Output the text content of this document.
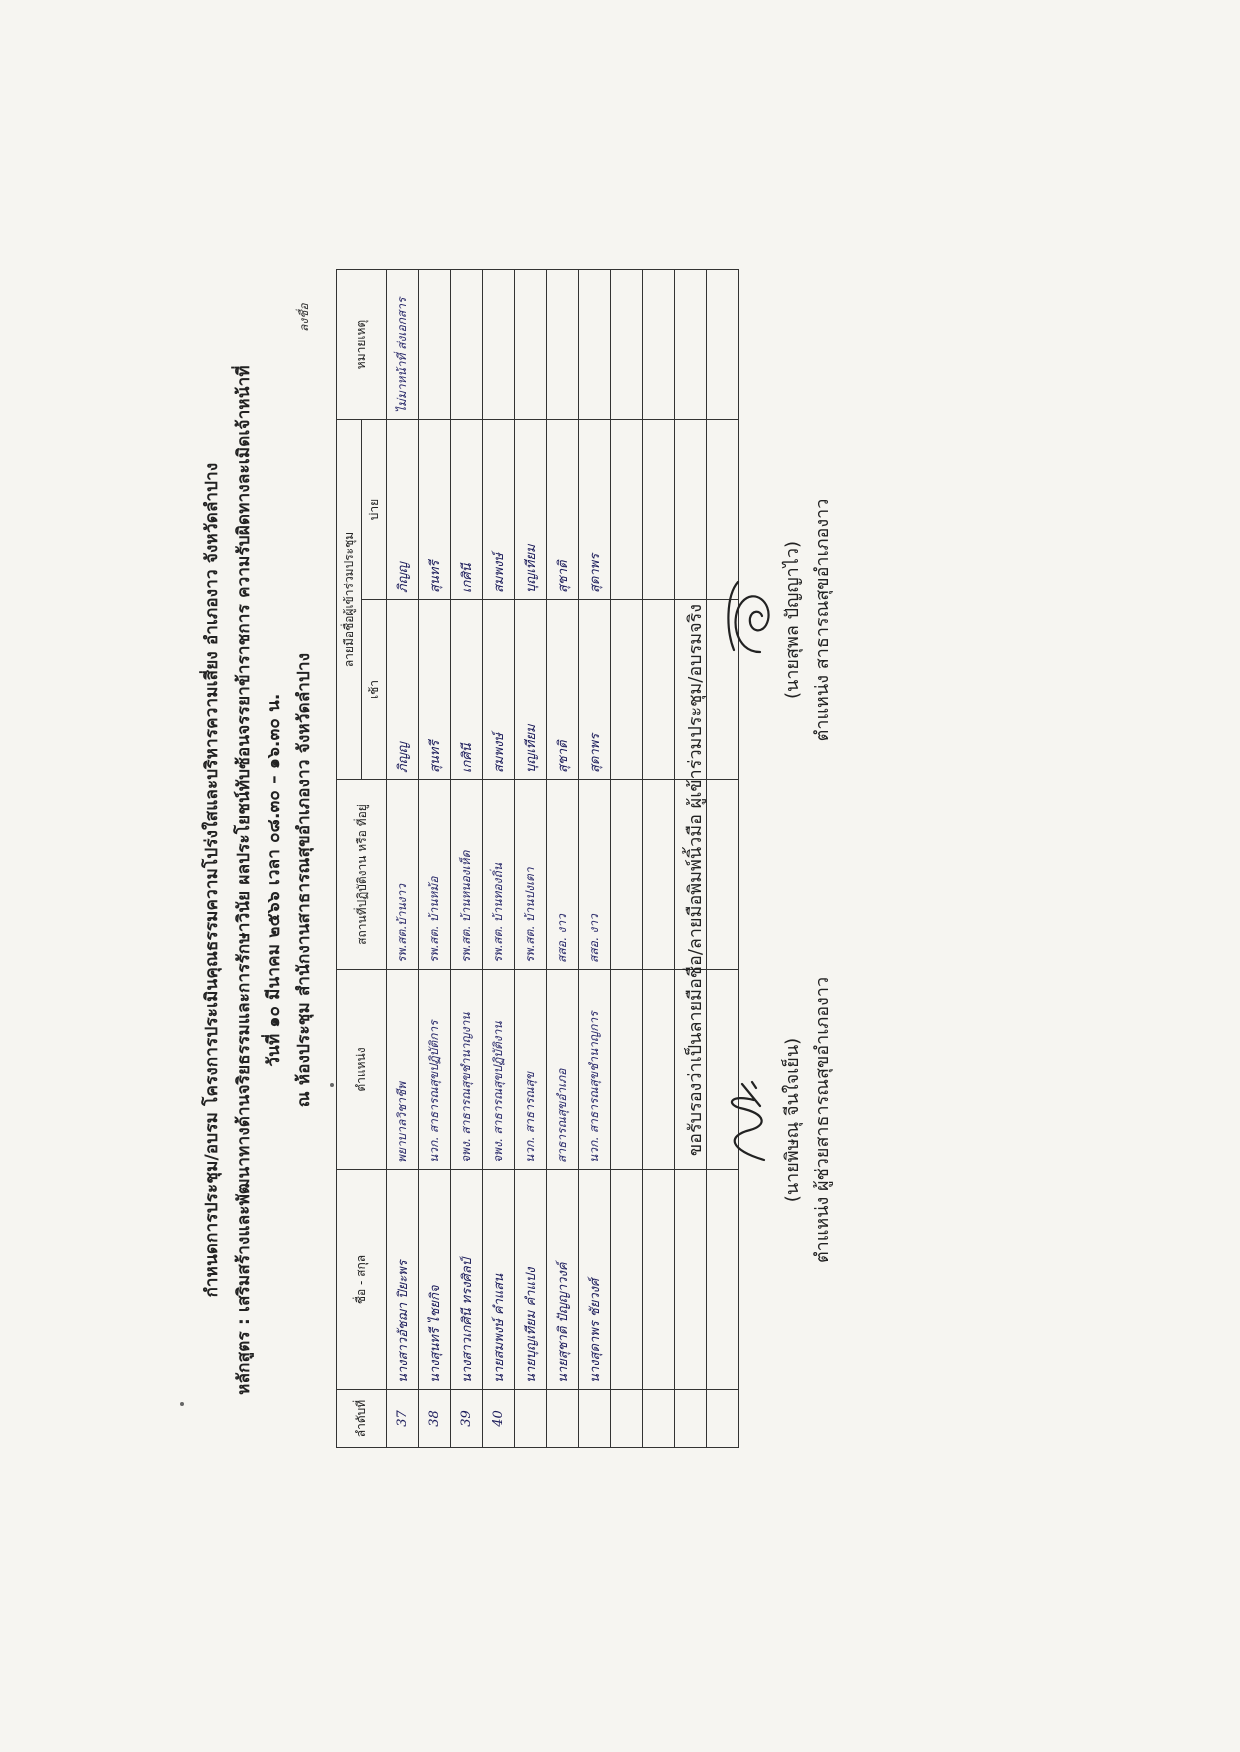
กำหนดการประชุม/อบรม โครงการประเมินคุณธรรมความโปร่งใสและบริหารความเสี่ยง อำเภองาว จังหวัดลำปาง หลักสูตร : เสริมสร้างและพัฒนาทางด้านจริยธรรมและการรักษาวินัย ผลประโยชน์ทับซ้อนจรรยาข้าราชการ ความรับผิดทางละเมิดเจ้าหน้าที่ วันที่ ๑๐ มีนาคม ๒๕๖๖ เวลา ๐๘.๓๐ – ๑๖.๓๐ น. ณ ห้องประชุม สำนักงานสาธารณสุขอำเภองาว จังหวัดลำปาง
ลำดับที่	ชื่อ - สกุล	ตำแหน่ง	สถานที่ปฏิบัติงาน หรือ ที่อยู่	ลายมือชื่อผู้เข้าร่วมประชุม		หมายเหตุ
				เช้า	บ่าย	
37	นางสาวอัชฌา ปิยะพร	พยาบาลวิชาชีพ	รพ.สต.บ้านงาว	ภิญญ	ภิญญ	ไม่มาหน้าที่ ส่งเอกสาร
38	นางสุนทรี ไชยกิจ	นวก. สาธารณสุขปฏิบัติการ	รพ.สต. บ้านหม้อ	สุนทรี	สุนทรี	
39	นางสาวเกศินี ทรงศิลป์	จพง. สาธารณสุขชำนาญงาน	รพ.สต. บ้านหนองเห็ด	เกศินี	เกศินี	
40	นายสมพงษ์ คำแสน	จพง. สาธารณสุขปฏิบัติงาน	รพ.สต. บ้านทองถิ่น	สมพงษ์	สมพงษ์	
	นายบุญเทียม คำแปง	นวก. สาธารณสุข	รพ.สต. บ้านปงเตา	บุญเทียม	บุญเทียม	
	นายสุชาติ ปัญญาวงค์	สาธารณสุขอำเภอ	สสอ. งาว	สุชาติ	สุชาติ	
	นางสุดาพร ชัยวงศ์	นวก. สาธารณสุขชำนาญการ	สสอ. งาว	สุดาพร	สุดาพร	

ขอรับรองว่าเป็นลายมือชื่อ/ลายมือพิมพ์นิ้วมือ ผู้เข้าร่วมประชุม/อบรมจริง	(นายพิษณุ จีนใจเย็น) ตำแหน่ง ผู้ช่วยสาธารณสุขอำเภองาว
(นายสุพล ปัญญาไว) ตำแหน่ง สาธารณสุขอำเภองาว
ลงชื่อ
